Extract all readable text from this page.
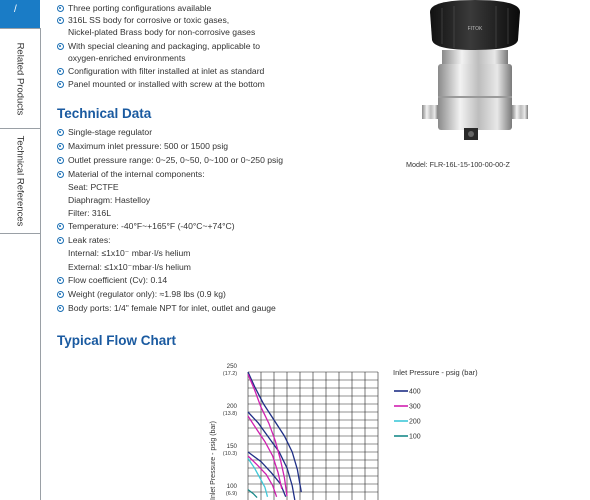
/
Related Products
Technical References
Three porting configurations available
316L SS body for corrosive or toxic gases,
Nickel-plated Brass body for non-corrosive gases
With special cleaning and packaging, applicable to
oxygen-enriched environments
Configuration with filter installed at inlet as standard
Panel mounted or installed with screw at the bottom
Technical Data
Single-stage regulator
Maximum inlet pressure: 500 or 1500 psig
Outlet pressure range: 0~25, 0~50, 0~100 or 0~250 psig
Material of the internal components:
Seat: PCTFE
Diaphragm: Hastelloy
Filter: 316L
Temperature: -40°F~+165°F (-40°C~+74°C)
Leak rates:
Internal: ≤1x10⁻ mbar·l/s helium
External: ≤1x10⁻mbar·l/s helium
Flow coefficient (Cv): 0.14
Weight (regulator only): ≈1.98 lbs (0.9 kg)
Body ports: 1/4" female NPT for inlet, outlet and gauge
FITOK
Model: FLR-16L-15-100-00-00-Z
Typical Flow Chart
Inlet Pressure - psig (bar)
250
(17.2)
200
(13.8)
150
(10.3)
100
(6.9)
Inlet Pressure - psig (bar)
400
300
200
100
